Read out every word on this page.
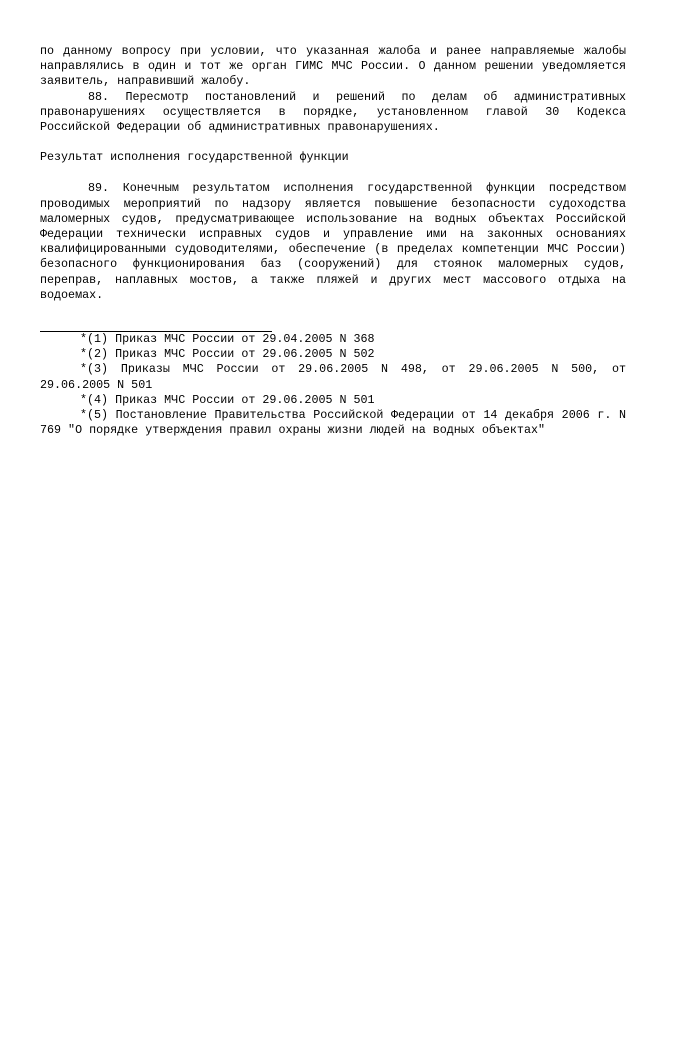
по данному вопросу при условии, что указанная жалоба и ранее направляемые жалобы направлялись в один и тот же орган ГИМС МЧС России. О данном решении уведомляется заявитель, направивший жалобу.

88. Пересмотр постановлений и решений по делам об административных правонарушениях осуществляется в порядке, установленном главой 30 Кодекса Российской Федерации об административных правонарушениях.

Результат исполнения государственной функции

89. Конечным результатом исполнения государственной функции посредством проводимых мероприятий по надзору является повышение безопасности судоходства маломерных судов, предусматривающее использование на водных объектах Российской Федерации технически исправных судов и управление ими на законных основаниях квалифицированными судоводителями, обеспечение (в пределах компетенции МЧС России) безопасного функционирования баз (сооружений) для стоянок маломерных судов, переправ, наплавных мостов, а также пляжей и других мест массового отдыха на водоемах.

*(1) Приказ МЧС России от 29.04.2005 N 368

*(2) Приказ МЧС России от 29.06.2005 N 502

*(3) Приказы МЧС России от 29.06.2005 N 498, от 29.06.2005 N 500, от 29.06.2005 N 501

*(4) Приказ МЧС России от 29.06.2005 N 501

*(5) Постановление Правительства Российской Федерации от 14 декабря 2006 г. N 769 "О порядке утверждения правил охраны жизни людей на водных объектах"
